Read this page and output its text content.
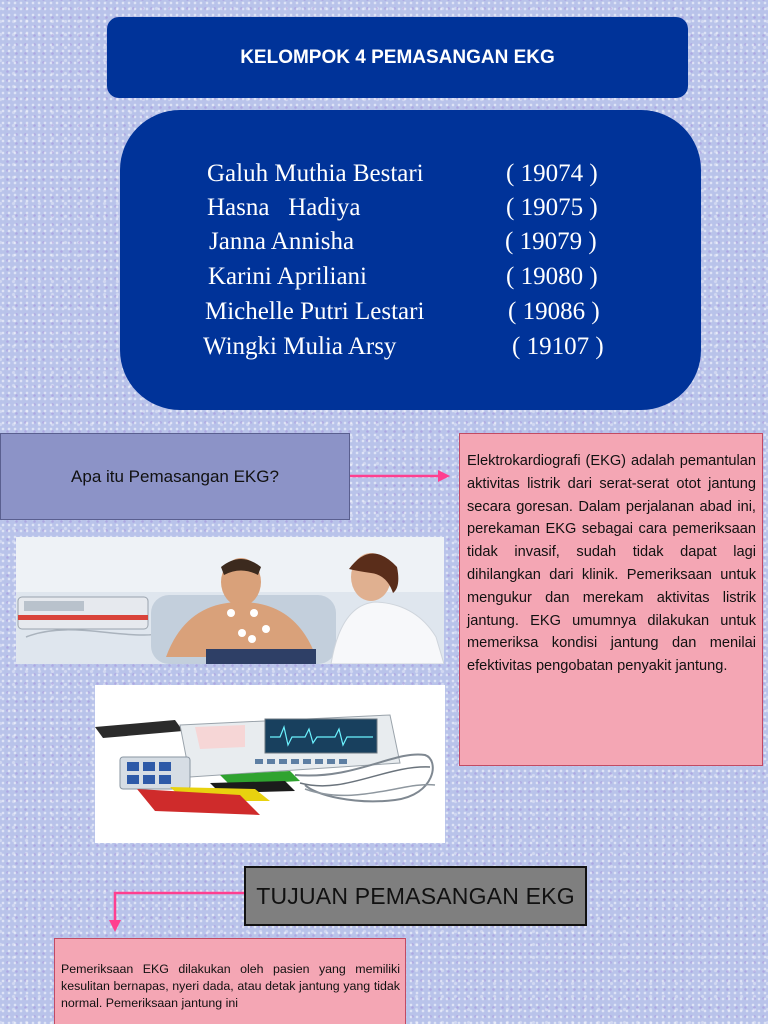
KELOMPOK 4 PEMASANGAN EKG
Galuh Muthia Bestari	( 19074 )
Hasna   Hadiya	( 19075 )
Janna Annisha	( 19079 )
Karini Apriliani	( 19080 )
Michelle Putri Lestari	( 19086 )
Wingki Mulia Arsy	( 19107 )
Apa itu Pemasangan EKG?

Elektrokardiografi (EKG) adalah pemantulan aktivitas listrik dari serat-serat otot jantung secara goresan. Dalam perjalanan abad ini, perekaman EKG sebagai cara pemeriksaan tidak invasif, sudah tidak dapat lagi dihilangkan dari klinik. Pemeriksaan untuk mengukur dan merekam aktivitas listrik jantung. EKG umumnya dilakukan untuk memeriksa kondisi jantung dan menilai efektivitas pengobatan penyakit jantung.

TUJUAN PEMASANGAN EKG

Pemeriksaan EKG dilakukan oleh pasien yang memiliki kesulitan bernapas, nyeri dada, atau detak jantung yang tidak normal. Pemeriksaan jantung ini
